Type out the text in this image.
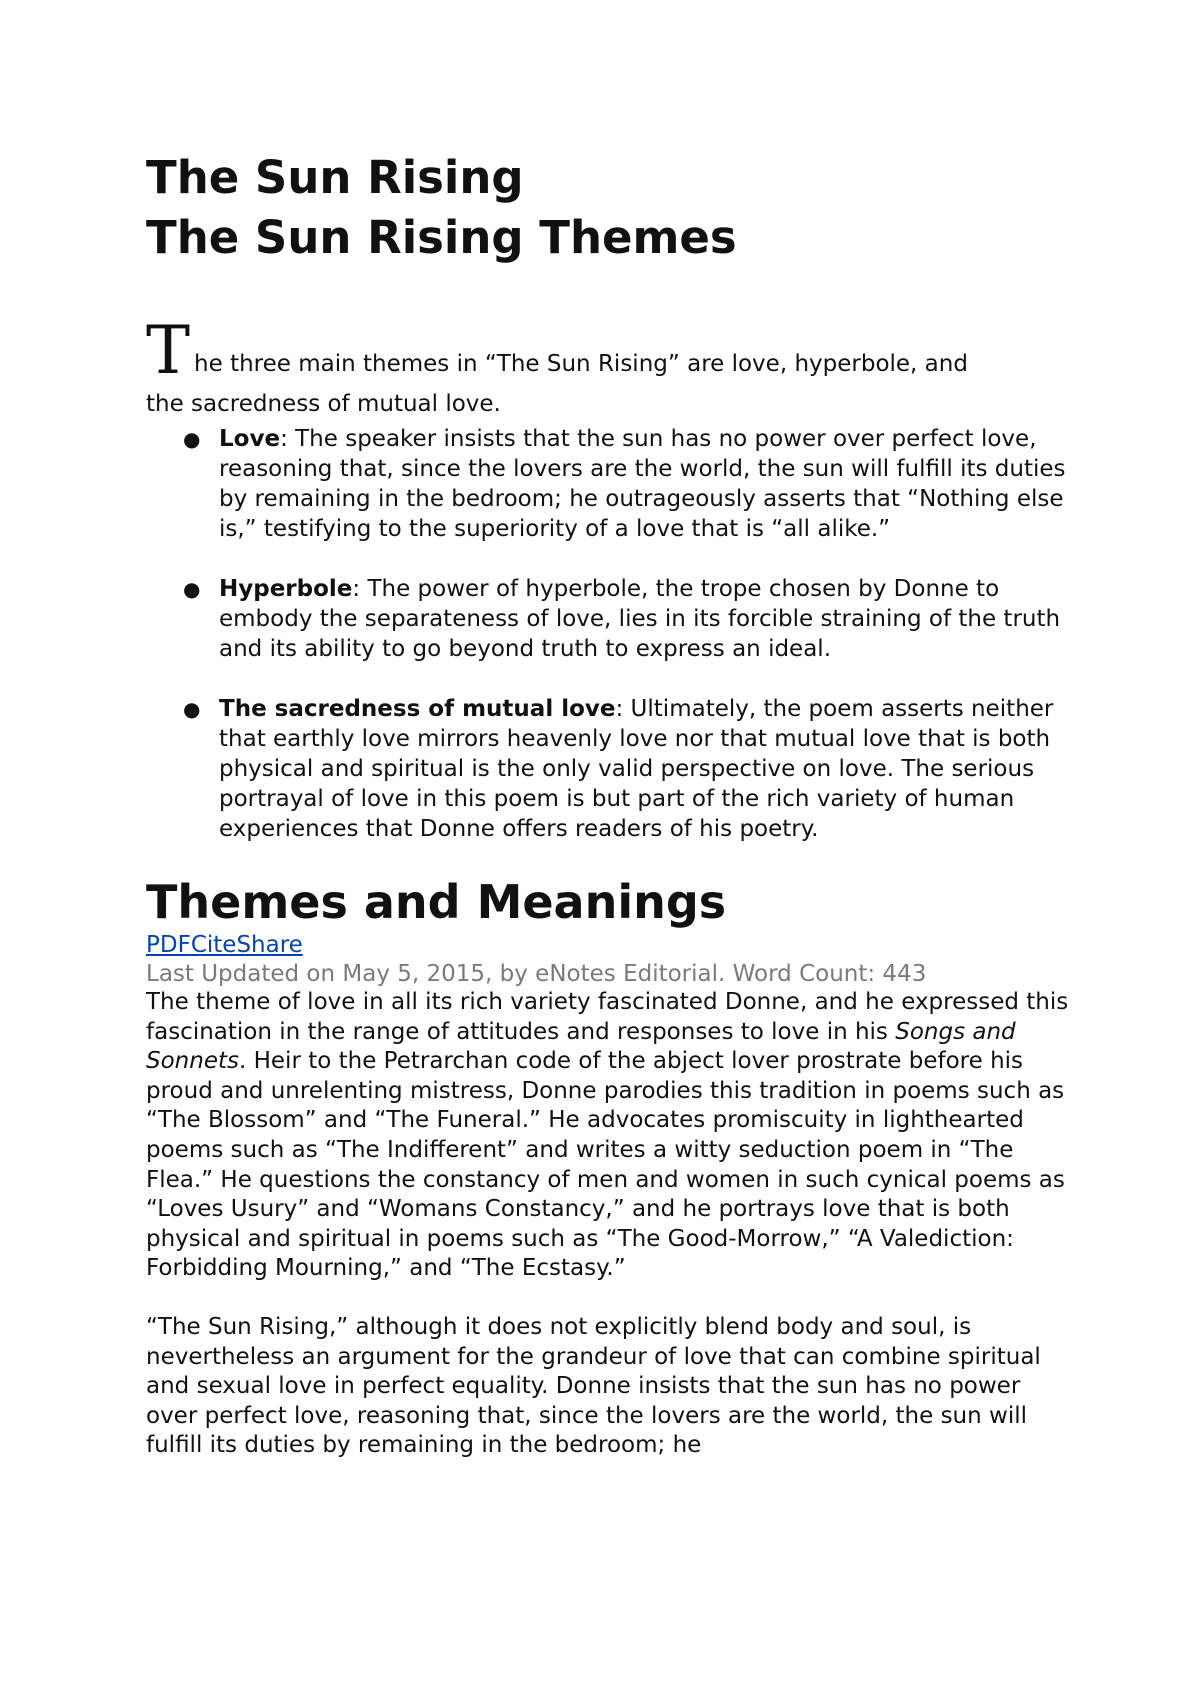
The Sun Rising
The Sun Rising Themes
T he three main themes in “The Sun Rising” are love, hyperbole, and
the sacredness of mutual love.
● Love: The speaker insists that the sun has no power over perfect love, reasoning that, since the lovers are the world, the sun will fulfill its duties by remaining in the bedroom; he outrageously asserts that “Nothing else is,” testifying to the superiority of a love that is “all alike.”
● Hyperbole: The power of hyperbole, the trope chosen by Donne to embody the separateness of love, lies in its forcible straining of the truth and its ability to go beyond truth to express an ideal.
● The sacredness of mutual love: Ultimately, the poem asserts neither that earthly love mirrors heavenly love nor that mutual love that is both physical and spiritual is the only valid perspective on love. The serious portrayal of love in this poem is but part of the rich variety of human experiences that Donne offers readers of his poetry.
Themes and Meanings
PDFCiteShare
Last Updated on May 5, 2015, by eNotes Editorial. Word Count: 443

The theme of love in all its rich variety fascinated Donne, and he expressed this fascination in the range of attitudes and responses to love in his Songs and Sonnets. Heir to the Petrarchan code of the abject lover prostrate before his proud and unrelenting mistress, Donne parodies this tradition in poems such as “The Blossom” and “The Funeral.” He advocates promiscuity in lighthearted poems such as “The Indifferent” and writes a witty seduction poem in “The Flea.” He questions the constancy of men and women in such cynical poems as “Loves Usury” and “Womans Constancy,” and he portrays love that is both physical and spiritual in poems such as “The Good-Morrow,” “A Valediction: Forbidding Mourning,” and “The Ecstasy.”

“The Sun Rising,” although it does not explicitly blend body and soul, is nevertheless an argument for the grandeur of love that can combine spiritual and sexual love in perfect equality. Donne insists that the sun has no power over perfect love, reasoning that, since the lovers are the world, the sun will fulfill its duties by remaining in the bedroom; he
